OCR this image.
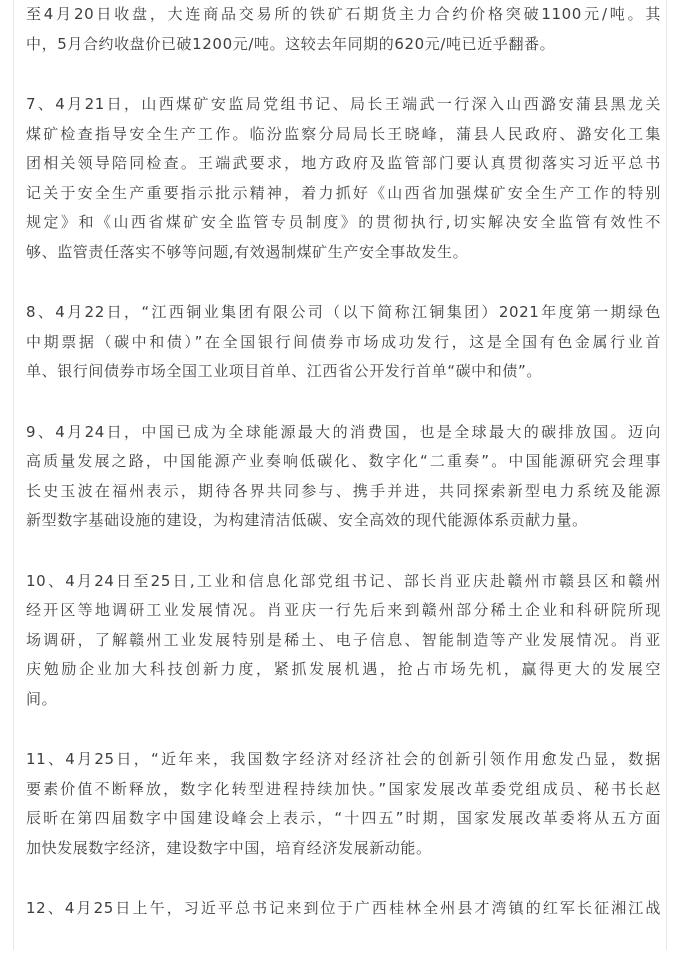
至4月20日收盘，大连商品交易所的铁矿石期货主力合约价格突破1100元/吨。其
中，5月合约收盘价已破1200元/吨。这较去年同期的620元/吨已近乎翻番。
7、4月21日，山西煤矿安监局党组书记、局长王端武一行深入山西潞安蒲县黑龙关
煤矿检查指导安全生产工作。临汾监察分局局长王晓峰，蒲县人民政府、潞安化工集
团相关领导陪同检查。王端武要求，地方政府及监管部门要认真贯彻落实习近平总书
记关于安全生产重要指示批示精神，着力抓好《山西省加强煤矿安全生产工作的特别
规定》和《山西省煤矿安全监管专员制度》的贯彻执行,切实解决安全监管有效性不
够、监管责任落实不够等问题,有效遏制煤矿生产安全事故发生。
8、4月22日，“江西铜业集团有限公司（以下简称江铜集团）2021年度第一期绿色
中期票据（碳中和债）”在全国银行间债券市场成功发行，这是全国有色金属行业首
单、银行间债券市场全国工业项目首单、江西省公开发行首单“碳中和债”。
9、4月24日，中国已成为全球能源最大的消费国，也是全球最大的碳排放国。迈向
高质量发展之路，中国能源产业奏响低碳化、数字化“二重奏”。中国能源研究会理事
长史玉波在福州表示，期待各界共同参与、携手并进，共同探索新型电力系统及能源
新型数字基础设施的建设，为构建清洁低碳、安全高效的现代能源体系贡献力量。
10、4月24日至25日,工业和信息化部党组书记、部长肖亚庆赴赣州市赣县区和赣州
经开区等地调研工业发展情况。肖亚庆一行先后来到赣州部分稀土企业和科研院所现
场调研，了解赣州工业发展特别是稀土、电子信息、智能制造等产业发展情况。肖亚
庆勉励企业加大科技创新力度，紧抓发展机遇，抢占市场先机，赢得更大的发展空
间。
11、4月25日，“近年来，我国数字经济对经济社会的创新引领作用愈发凸显，数据
要素价值不断释放，数字化转型进程持续加快。”国家发展改革委党组成员、秘书长赵
辰昕在第四届数字中国建设峰会上表示，“十四五”时期，国家发展改革委将从五方面
加快发展数字经济，建设数字中国，培育经济发展新动能。
12、4月25日上午，习近平总书记来到位于广西桂林全州县才湾镇的红军长征湘江战
